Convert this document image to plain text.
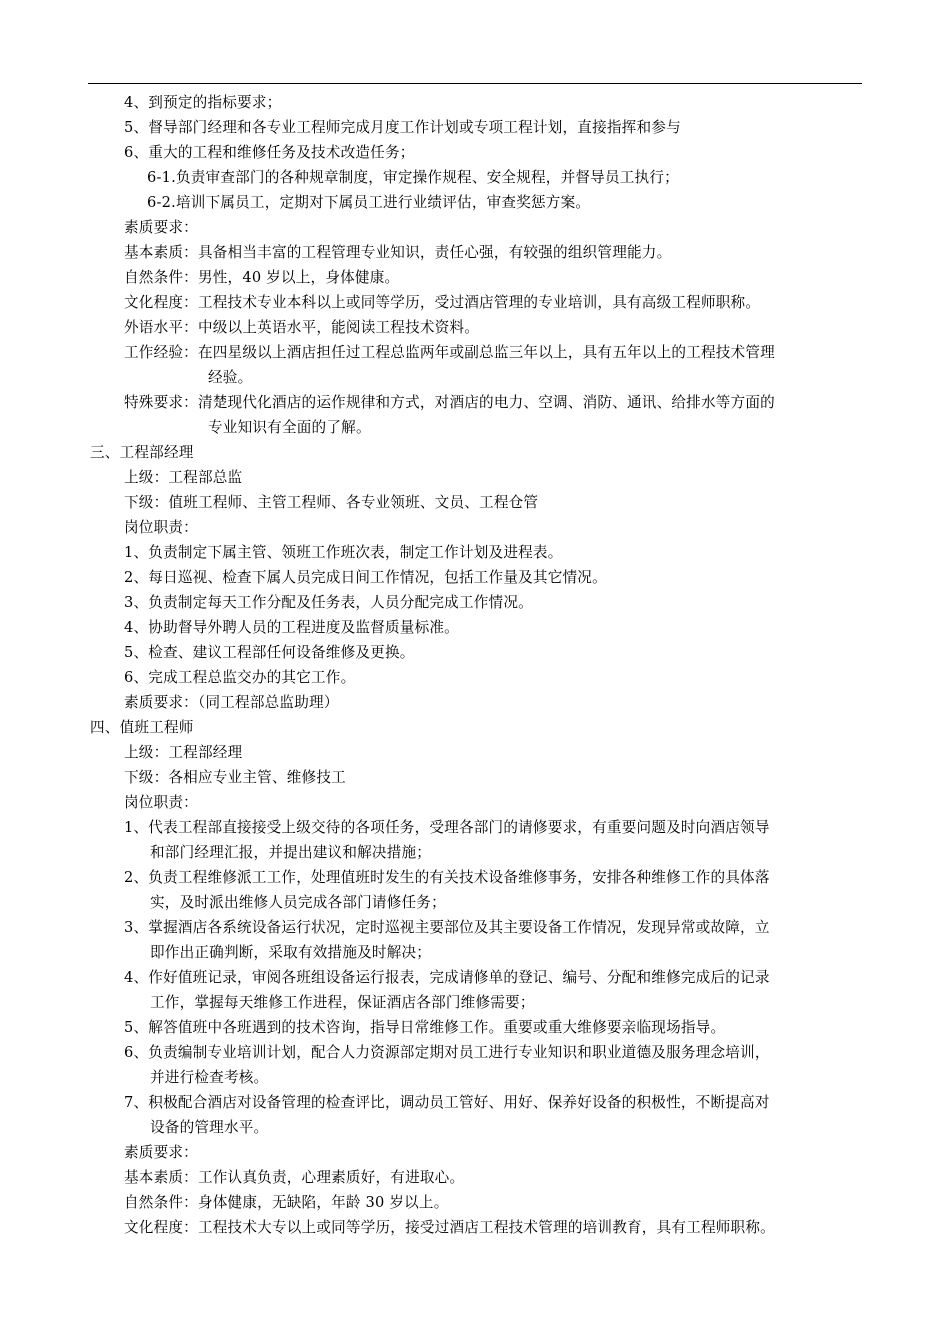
4、到预定的指标要求；
5、督导部门经理和各专业工程师完成月度工作计划或专项工程计划，直接指挥和参与
6、重大的工程和维修任务及技术改造任务；
6-1.负责审查部门的各种规章制度，审定操作规程、安全规程，并督导员工执行；
6-2.培训下属员工，定期对下属员工进行业绩评估，审查奖惩方案。
素质要求：
基本素质：具备相当丰富的工程管理专业知识，责任心强，有较强的组织管理能力。
自然条件：男性，40 岁以上，身体健康。
文化程度：工程技术专业本科以上或同等学历，受过酒店管理的专业培训，具有高级工程师职称。
外语水平：中级以上英语水平，能阅读工程技术资料。
工作经验：在四星级以上酒店担任过工程总监两年或副总监三年以上，具有五年以上的工程技术管理
经验。
特殊要求：清楚现代化酒店的运作规律和方式，对酒店的电力、空调、消防、通讯、给排水等方面的
专业知识有全面的了解。
三、工程部经理
上级：工程部总监
下级：值班工程师、主管工程师、各专业领班、文员、工程仓管
岗位职责：
1、负责制定下属主管、领班工作班次表，制定工作计划及进程表。
2、每日巡视、检查下属人员完成日间工作情况，包括工作量及其它情况。
3、负责制定每天工作分配及任务表，人员分配完成工作情况。
4、协助督导外聘人员的工程进度及监督质量标准。
5、检查、建议工程部任何设备维修及更换。
6、完成工程总监交办的其它工作。
素质要求：（同工程部总监助理）
四、值班工程师
上级：工程部经理
下级：各相应专业主管、维修技工
岗位职责：
1、代表工程部直接接受上级交待的各项任务，受理各部门的请修要求，有重要问题及时向酒店领导
和部门经理汇报，并提出建议和解决措施；
2、负责工程维修派工工作，处理值班时发生的有关技术设备维修事务，安排各种维修工作的具体落
实，及时派出维修人员完成各部门请修任务；
3、掌握酒店各系统设备运行状况，定时巡视主要部位及其主要设备工作情况，发现异常或故障，立
即作出正确判断，采取有效措施及时解决；
4、作好值班记录，审阅各班组设备运行报表，完成请修单的登记、编号、分配和维修完成后的记录
工作，掌握每天维修工作进程，保证酒店各部门维修需要；
5、解答值班中各班遇到的技术咨询，指导日常维修工作。重要或重大维修要亲临现场指导。
6、负责编制专业培训计划，配合人力资源部定期对员工进行专业知识和职业道德及服务理念培训，
并进行检查考核。
7、积极配合酒店对设备管理的检查评比，调动员工管好、用好、保养好设备的积极性，不断提高对
设备的管理水平。
素质要求：
基本素质：工作认真负责，心理素质好，有进取心。
自然条件：身体健康，无缺陷，年龄 30 岁以上。
文化程度：工程技术大专以上或同等学历，接受过酒店工程技术管理的培训教育，具有工程师职称。
